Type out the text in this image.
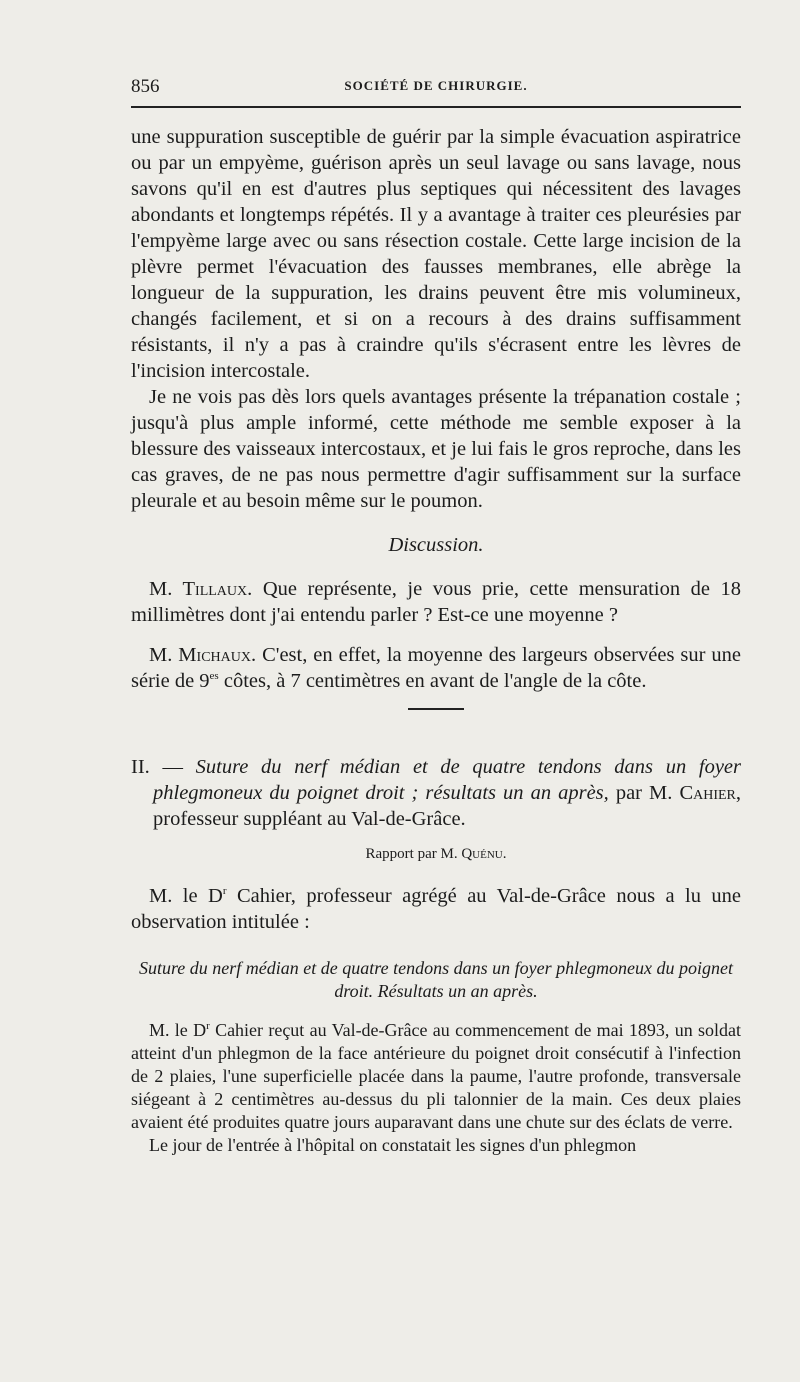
856	SOCIÉTÉ DE CHIRURGIE.

une suppuration susceptible de guérir par la simple évacuation aspiratrice ou par un empyème, guérison après un seul lavage ou sans lavage, nous savons qu'il en est d'autres plus septiques qui nécessitent des lavages abondants et longtemps répétés. Il y a avantage à traiter ces pleurésies par l'empyème large avec ou sans résection costale. Cette large incision de la plèvre permet l'évacuation des fausses membranes, elle abrège la longueur de la suppuration, les drains peuvent être mis volumineux, changés facilement, et si on a recours à des drains suffisamment résistants, il n'y a pas à craindre qu'ils s'écrasent entre les lèvres de l'incision intercostale.

Je ne vois pas dès lors quels avantages présente la trépanation costale ; jusqu'à plus ample informé, cette méthode me semble exposer à la blessure des vaisseaux intercostaux, et je lui fais le gros reproche, dans les cas graves, de ne pas nous permettre d'agir suffisamment sur la surface pleurale et au besoin même sur le poumon.

Discussion.

M. Tillaux. Que représente, je vous prie, cette mensuration de 18 millimètres dont j'ai entendu parler ? Est-ce une moyenne ?

M. Michaux. C'est, en effet, la moyenne des largeurs observées sur une série de $9^{es}$ côtes, à 7 centimètres en avant de l'angle de la côte.

II. — Suture du nerf médian et de quatre tendons dans un foyer phlegmoneux du poignet droit ; résultats un an après, par M. Cahier, professeur suppléant au Val-de-Grâce.

Rapport par M. Quénu.

M. le $D^r$ Cahier, professeur agrégé au Val-de-Grâce nous a lu une observation intitulée :

Suture du nerf médian et de quatre tendons dans un foyer phlegmoneux du poignet droit. Résultats un an après.

M. le $D^r$ Cahier reçut au Val-de-Grâce au commencement de mai 1893, un soldat atteint d'un phlegmon de la face antérieure du poignet droit consécutif à l'infection de 2 plaies, l'une superficielle placée dans la paume, l'autre profonde, transversale siégeant à 2 centimètres au-dessus du pli talonnier de la main. Ces deux plaies avaient été produites quatre jours auparavant dans une chute sur des éclats de verre.

Le jour de l'entrée à l'hôpital on constatait les signes d'un phlegmon
